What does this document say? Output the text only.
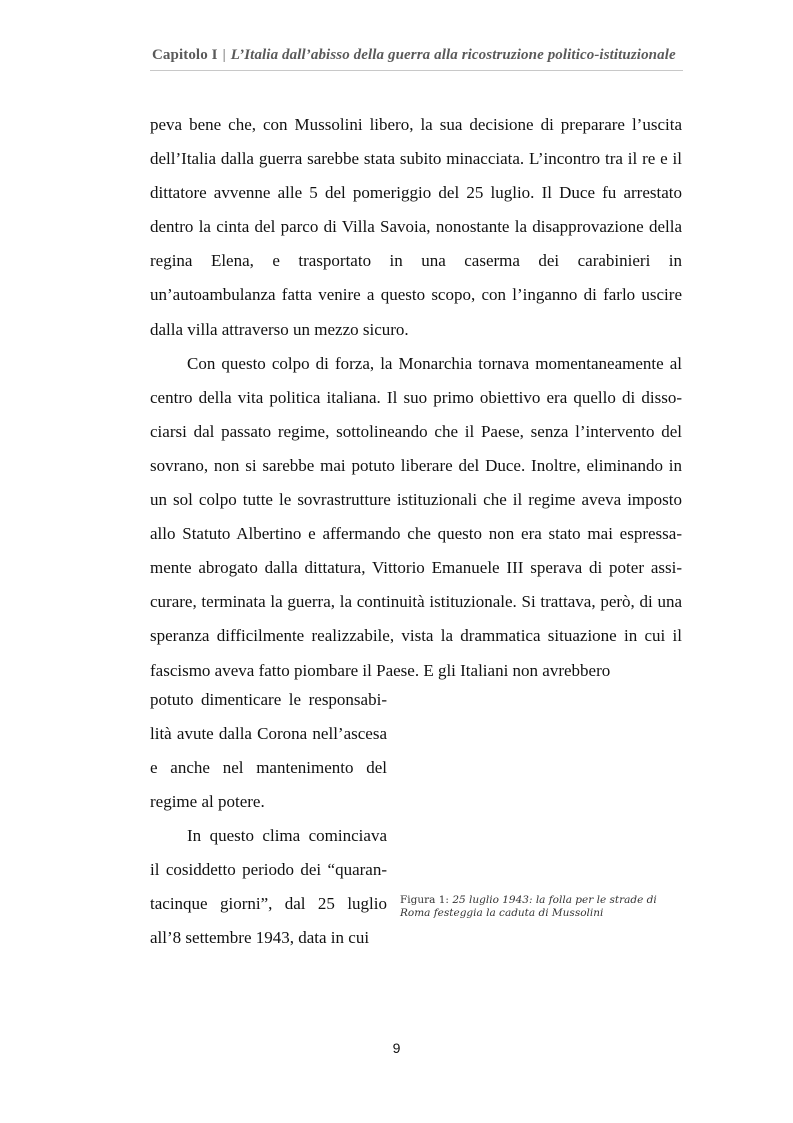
Capitolo I | L’Italia dall’abisso della guerra alla ricostruzione politico-istituzionale

peva bene che, con Mussolini libero, la sua decisione di preparare l’uscita dell’Italia dalla guerra sarebbe stata subito minacciata. L’incontro tra il re e il dittatore avvenne alle 5 del pomeriggio del 25 luglio. Il Duce fu arrestato dentro la cinta del parco di Villa Savoia, nonostante la disapprovazione della regina Elena, e trasportato in una caserma dei carabinieri in un’autoambulanza fatta venire a questo scopo, con l’inganno di farlo uscire dalla villa attraverso un mezzo sicuro.

Con questo colpo di forza, la Monarchia tornava momentaneamente al centro della vita politica italiana. Il suo primo obiettivo era quello di dissociarsi dal passato regime, sottolineando che il Paese, senza l’intervento del sovrano, non si sarebbe mai potuto liberare del Duce. Inoltre, eliminando in un sol colpo tutte le sovrastrutture istituzionali che il regime aveva imposto allo Statuto Albertino e affermando che questo non era stato mai espressamente abrogato dalla dittatura, Vittorio Emanuele III sperava di poter assicurare, terminata la guerra, la continuità istituzionale. Si trattava, però, di una speranza difficilmente realizzabile, vista la drammatica situazione in cui il fascismo aveva fatto piombare il Paese. E gli Italiani non avrebbero

potuto dimenticare le responsabilità avute dalla Corona nell’ascesa e anche nel mantenimento del regime al potere.

In questo clima cominciava il cosiddetto periodo dei “quarantacinque giorni”, dal 25 luglio all’8 settembre 1943, data in cui

Figura 1: 25 luglio 1943: la folla per le strade di Roma festeggia la caduta di Mussolini
9
